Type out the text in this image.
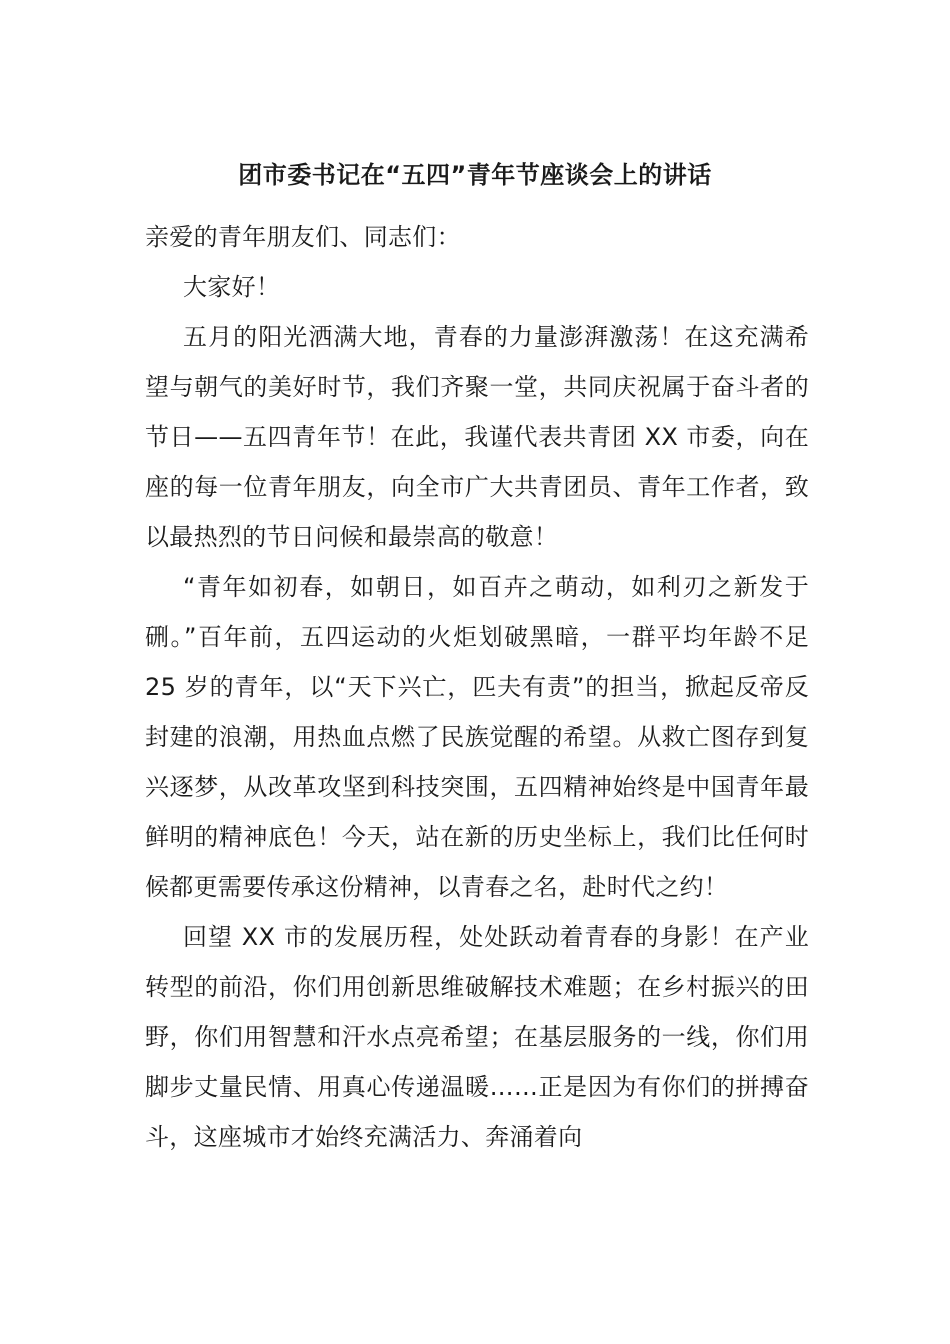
团市委书记在“五四”青年节座谈会上的讲话

亲爱的青年朋友们、同志们：

大家好！

五月的阳光洒满大地，青春的力量澎湃激荡！在这充满希望与朝气的美好时节，我们齐聚一堂，共同庆祝属于奋斗者的节日——五四青年节！在此，我谨代表共青团 XX 市委，向在座的每一位青年朋友，向全市广大共青团员、青年工作者，致以最热烈的节日问候和最崇高的敬意！

“青年如初春，如朝日，如百卉之萌动，如利刃之新发于硎。”百年前，五四运动的火炬划破黑暗，一群平均年龄不足 25 岁的青年，以“天下兴亡，匹夫有责”的担当，掀起反帝反封建的浪潮，用热血点燃了民族觉醒的希望。从救亡图存到复兴逐梦，从改革攻坚到科技突围，五四精神始终是中国青年最鲜明的精神底色！今天，站在新的历史坐标上，我们比任何时候都更需要传承这份精神，以青春之名，赴时代之约！

回望 XX 市的发展历程，处处跃动着青春的身影！在产业转型的前沿，你们用创新思维破解技术难题；在乡村振兴的田野，你们用智慧和汗水点亮希望；在基层服务的一线，你们用脚步丈量民情、用真心传递温暖……正是因为有你们的拼搏奋斗，这座城市才始终充满活力、奔涌着向
